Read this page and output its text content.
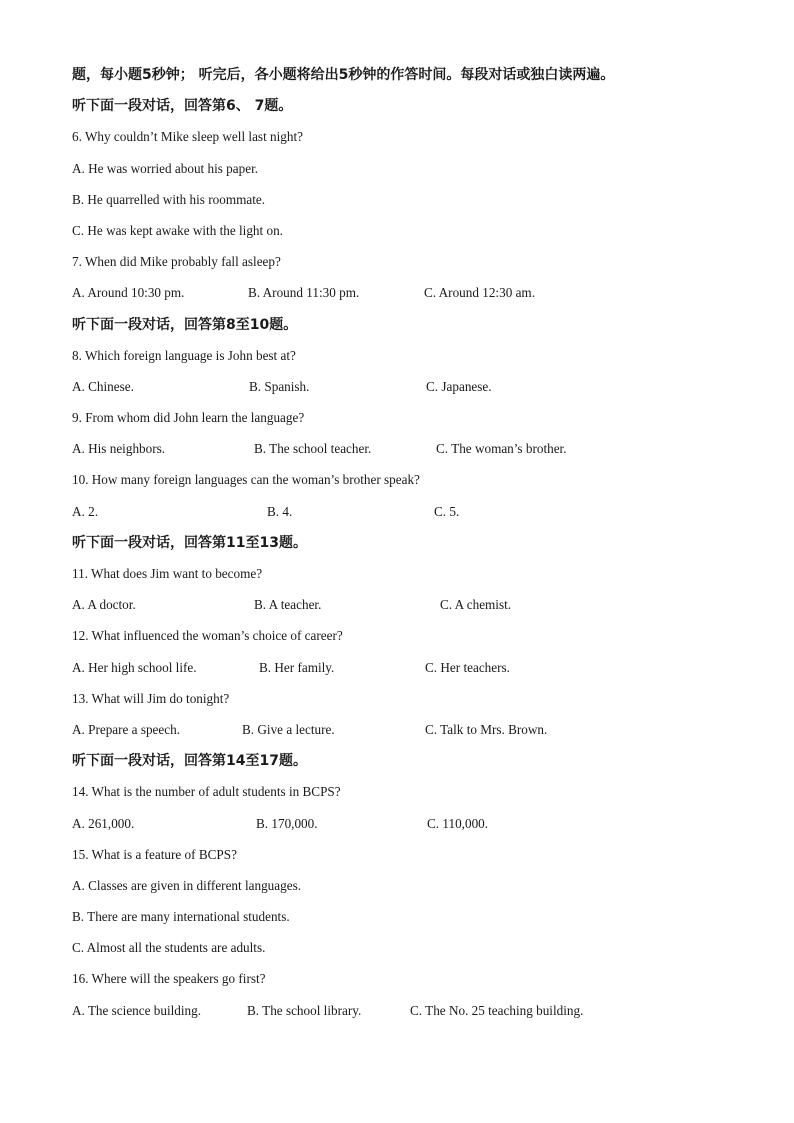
题，每小题5秒钟； 听完后，各小题将给出5秒钟的作答时间。每段对话或独白读两遍。
听下面一段对话，回答第6、 7题。
6. Why couldn’t Mike sleep well last night?
A. He was worried about his paper.
B. He quarrelled with his roommate.
C. He was kept awake with the light on.
7. When did Mike probably fall asleep?
A. Around 10:30 pm.	B. Around 11:30 pm.	C. Around 12:30 am.
听下面一段对话，回答第8至10题。
8. Which foreign language is John best at?
A. Chinese.	B. Spanish.	C. Japanese.
9. From whom did John learn the language?
A. His neighbors.	B. The school teacher.	C. The woman’s brother.
10. How many foreign languages can the woman’s brother speak?
A. 2.	B. 4.	C. 5.
听下面一段对话，回答第11至13题。
11. What does Jim want to become?
A. A doctor.	B. A teacher.	C. A chemist.
12. What influenced the woman’s choice of career?
A. Her high school life.	B. Her family.	C. Her teachers.
13. What will Jim do tonight?
A. Prepare a speech.	B. Give a lecture.	C. Talk to Mrs. Brown.
听下面一段对话，回答第14至17题。
14. What is the number of adult students in BCPS?
A. 261,000.	B. 170,000.	C. 110,000.
15. What is a feature of BCPS?
A. Classes are given in different languages.
B. There are many international students.
C. Almost all the students are adults.
16. Where will the speakers go first?
A. The science building.	B. The school library.	C. The No. 25 teaching building.
